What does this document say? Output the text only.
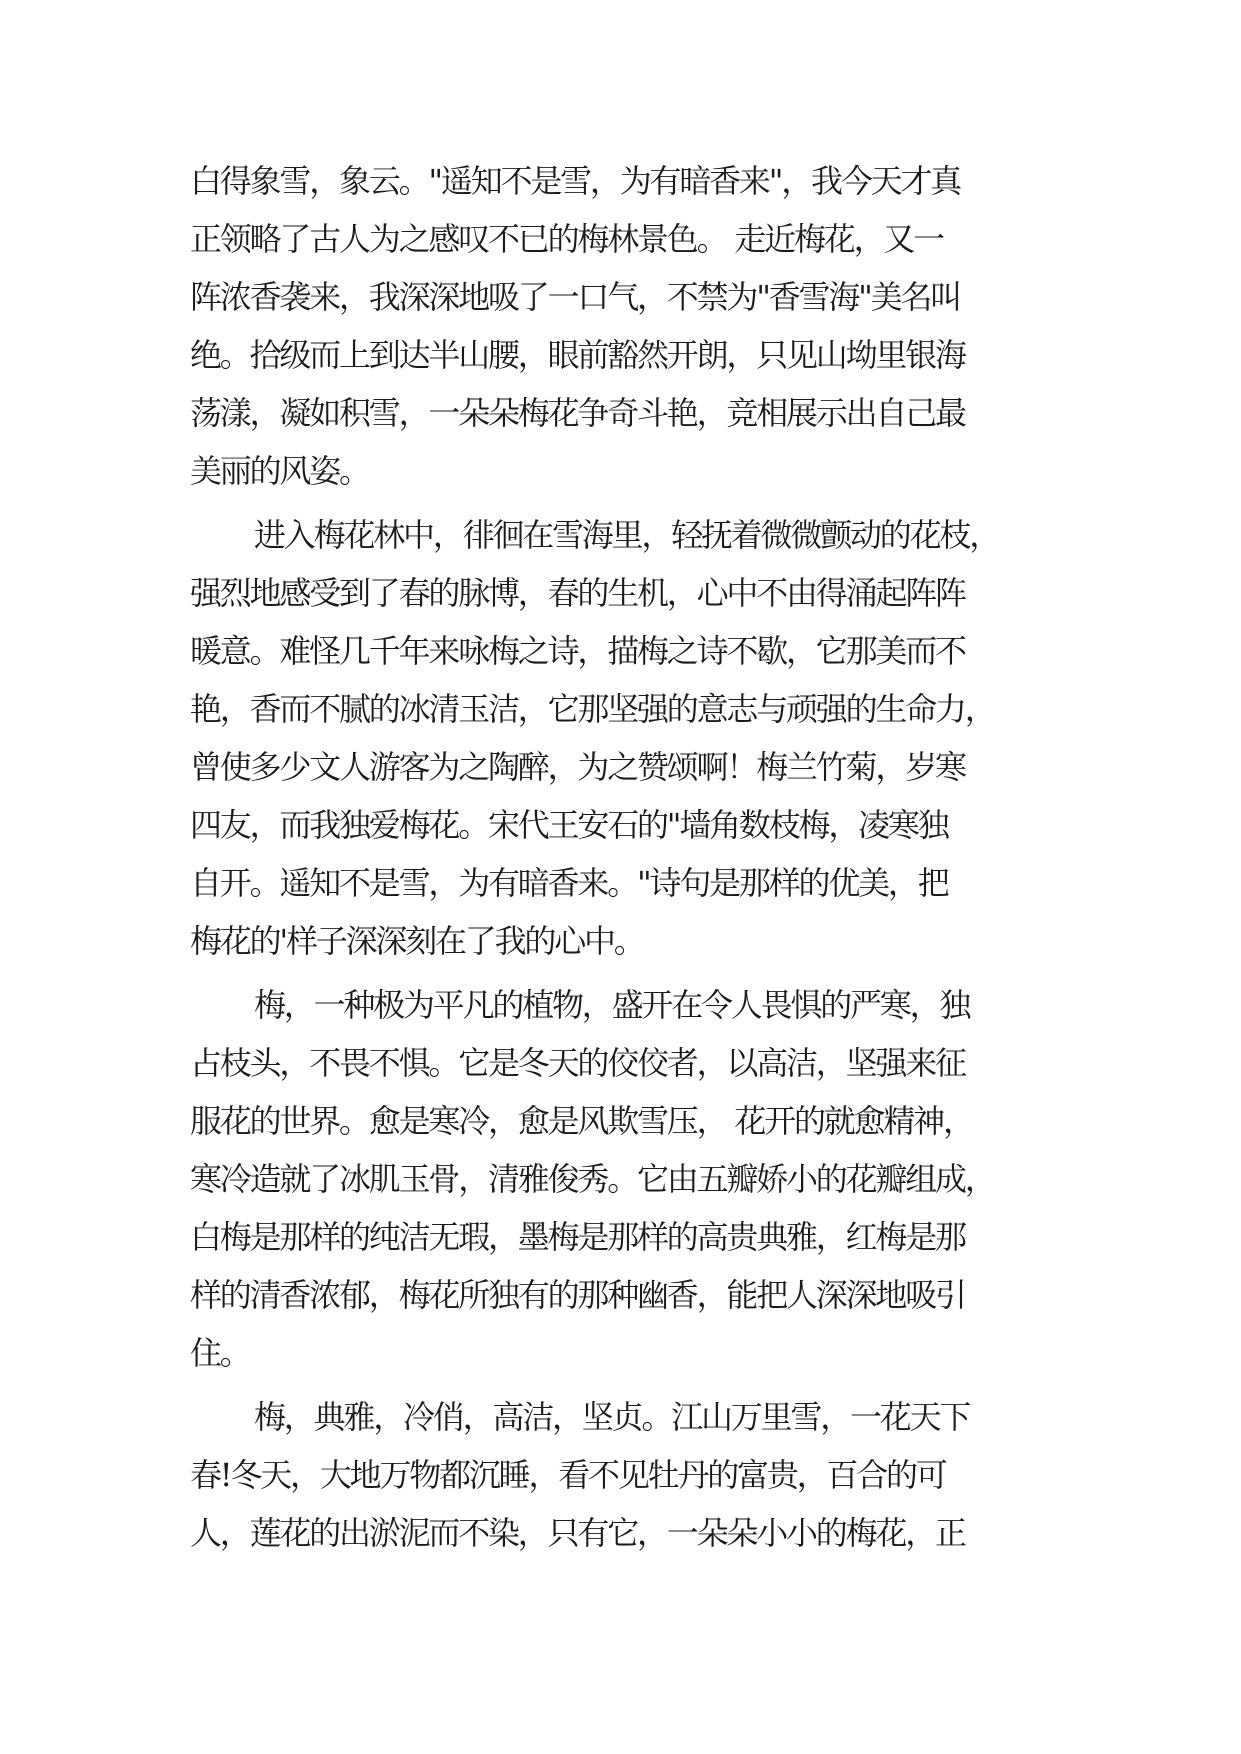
白得象雪，象云。"遥知不是雪，为有暗香来"，我今天才真
正领略了古人为之感叹不已的梅林景色。 走近梅花，又一
阵浓香袭来，我深深地吸了一口气，不禁为"香雪海"美名叫
绝。拾级而上到达半山腰，眼前豁然开朗，只见山坳里银海
荡漾，凝如积雪，一朵朵梅花争奇斗艳，竞相展示出自己最
美丽的风姿。
进入梅花林中，徘徊在雪海里，轻抚着微微颤动的花枝，
强烈地感受到了春的脉博，春的生机，心中不由得涌起阵阵
暖意。难怪几千年来咏梅之诗，描梅之诗不歇，它那美而不
艳，香而不腻的冰清玉洁，它那坚强的意志与顽强的生命力，
曾使多少文人游客为之陶醉，为之赞颂啊！梅兰竹菊，岁寒
四友，而我独爱梅花。宋代王安石的"墙角数枝梅，凌寒独
自开。遥知不是雪，为有暗香来。"诗句是那样的优美，把
梅花的'样子深深刻在了我的心中。
梅，一种极为平凡的植物，盛开在令人畏惧的严寒，独
占枝头，不畏不惧。它是冬天的佼佼者，以高洁，坚强来征
服花的世界。愈是寒冷，愈是风欺雪压， 花开的就愈精神，
寒冷造就了冰肌玉骨，清雅俊秀。它由五瓣娇小的花瓣组成，
白梅是那样的纯洁无瑕，墨梅是那样的高贵典雅，红梅是那
样的清香浓郁，梅花所独有的那种幽香，能把人深深地吸引
住。
梅，典雅，冷俏，高洁，坚贞。江山万里雪，一花天下
春!冬天，大地万物都沉睡，看不见牡丹的富贵，百合的可
人，莲花的出淤泥而不染，只有它，一朵朵小小的梅花，正
